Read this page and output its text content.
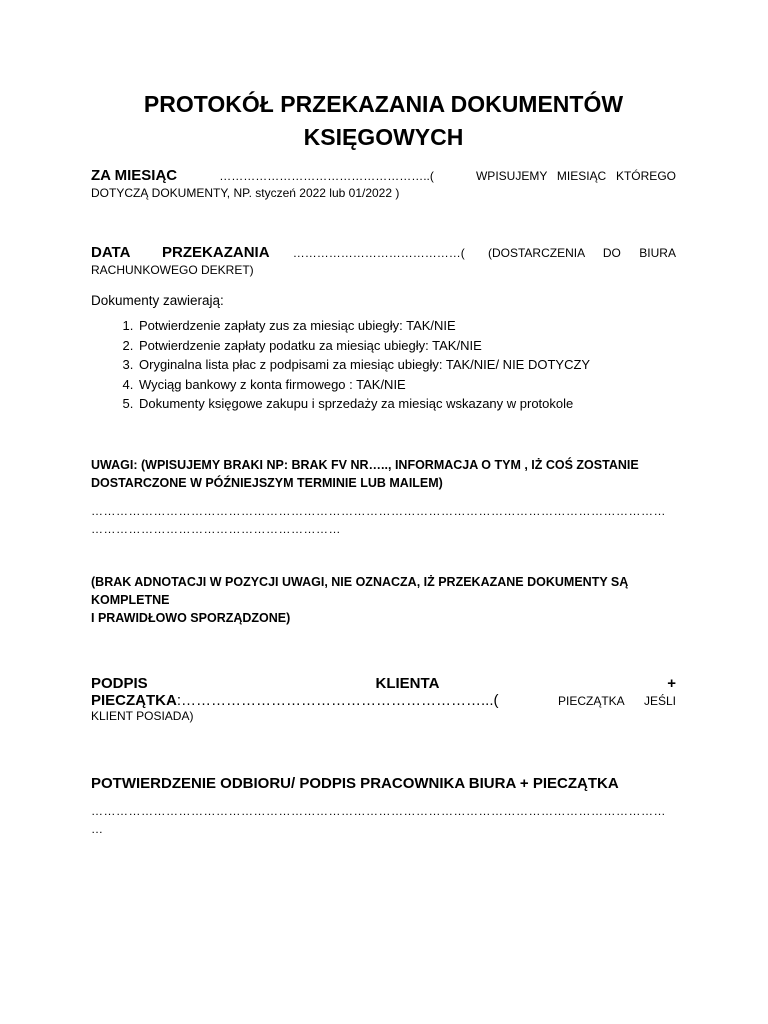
PROTOKÓŁ PRZEKAZANIA DOKUMENTÓW
KSIĘGOWYCH
ZA MIESIĄC	……………………………………………..(	WPISUJEMY MIESIĄC KTÓREGO
DOTYCZĄ DOKUMENTY, NP. styczeń 2022 lub 01/2022 )
DATA PRZEKAZANIA ……………………………………( (DOSTARCZENIA DO BIURA
RACHUNKOWEGO DEKRET)
Dokumenty zawierają:
1. Potwierdzenie zapłaty zus za miesiąc ubiegły: TAK/NIE
2. Potwierdzenie zapłaty podatku za miesiąc ubiegły: TAK/NIE
3. Oryginalna lista płac z podpisami za miesiąc ubiegły: TAK/NIE/ NIE DOTYCZY
4. Wyciąg bankowy z konta firmowego : TAK/NIE
5. Dokumenty księgowe zakupu i sprzedaży za miesiąc wskazany w protokole
UWAGI: (WPISUJEMY BRAKI NP: BRAK FV NR….., INFORMACJA O TYM , IŻ COŚ ZOSTANIE
DOSTARCZONE W PÓŹNIEJSZYM TERMINIE LUB MAILEM)
…………………………………………………………………………………………………………………………
……………………………………………………
(BRAK ADNOTACJI W POZYCJI UWAGI, NIE OZNACZA, IŻ PRZEKAZANE DOKUMENTY SĄ KOMPLETNE
I PRAWIDŁOWO SPORZĄDZONE)
PODPIS	KLIENTA	+
PIECZĄTKA:……………………………………………………...(	PIECZĄTKA JEŚLI
KLIENT POSIADA)
POTWIERDZENIE ODBIORU/ PODPIS PRACOWNIKA BIURA + PIECZĄTKA
…………………………………………………………………………………………………………………………
…
